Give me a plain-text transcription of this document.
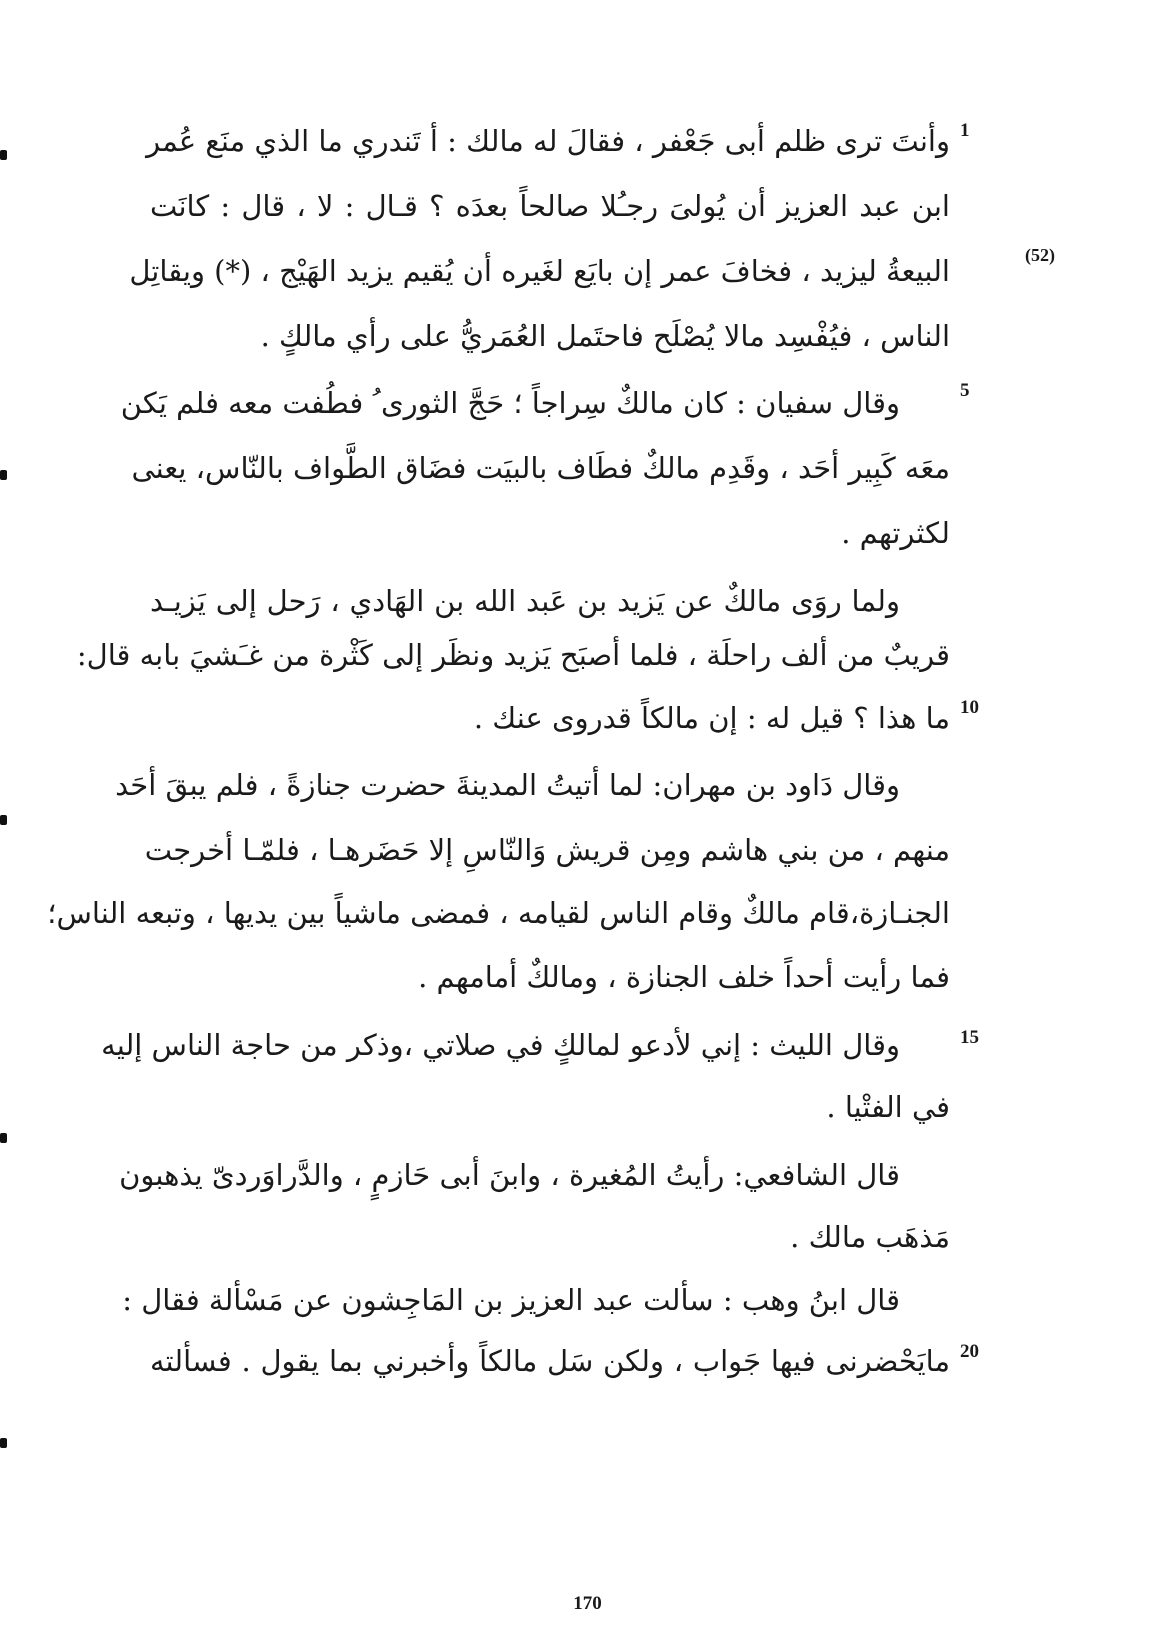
(52)
1
5
10
15
20
وأنتَ ترى ظلم أبى جَعْفر ، فقالَ له مالك : أ تَندري ما الذي منَع عُمر
ابن عبد العزيز أن يُولىَ رجـُلا صالحاً بعدَه ؟ قـال : لا ، قال : كانَت
البيعةُ ليزيد ، فخافَ عمر إن بايَع لغَيره أن يُقيم يزيد الهَيْج ، (*) ويقاتِل
الناس ، فيُفْسِد مالا يُصْلَح فاحتَمل العُمَريُّ على رأي مالكٍ .
وقال سفيان : كان مالكٌ سِراجاً ؛ حَجَّ الثورى ُ فطُفت معه فلم يَكن
معَه كَبِير أحَد ، وقَدِم مالكٌ فطَاف بالبيَت فضَاق الطَّواف بالنّاس، يعنى
لكثرتهم .
ولما روَى مالكٌ عن يَزيد بن عَبد الله بن الهَادي ، رَحل إلى يَزيـد
قريبٌ من ألف راحلَة ، فلما أصبَح يَزيد ونظَر إلى كَثْرة من غـَشيَ بابه قال:
ما هذا ؟ قيل له : إن مالكاً قدروى عنك .
وقال دَاود بن مهران: لما أتيتُ المدينةَ حضرت جنازةً ، فلم يبقَ أحَد
منهم ، من بني هاشم ومِن قريش وَالنّاسِ إلا حَضَرهـا ، فلمّـا أخرجت
الجنـازة،قام مالكٌ وقام الناس لقيامه ، فمضى ماشياً بين يديها ، وتبعه الناس؛
فما رأيت أحداً خلف الجنازة ، ومالكٌ أمامهم .
وقال الليث : إني لأدعو لمالكٍ في صلاتي ،وذكر من حاجة الناس إليه
في الفتْيا .
قال الشافعي: رأيتُ المُغيرة ، وابنَ أبى حَازمٍ ، والدَّراوَردىّ يذهبون
مَذهَب مالك .
قال ابنُ وهب : سألت عبد العزيز بن المَاجِشون عن مَسْألة فقال :
مايَحْضرنى فيها جَواب ، ولكن سَل مالكاً وأخبرني بما يقول . فسألته
170
